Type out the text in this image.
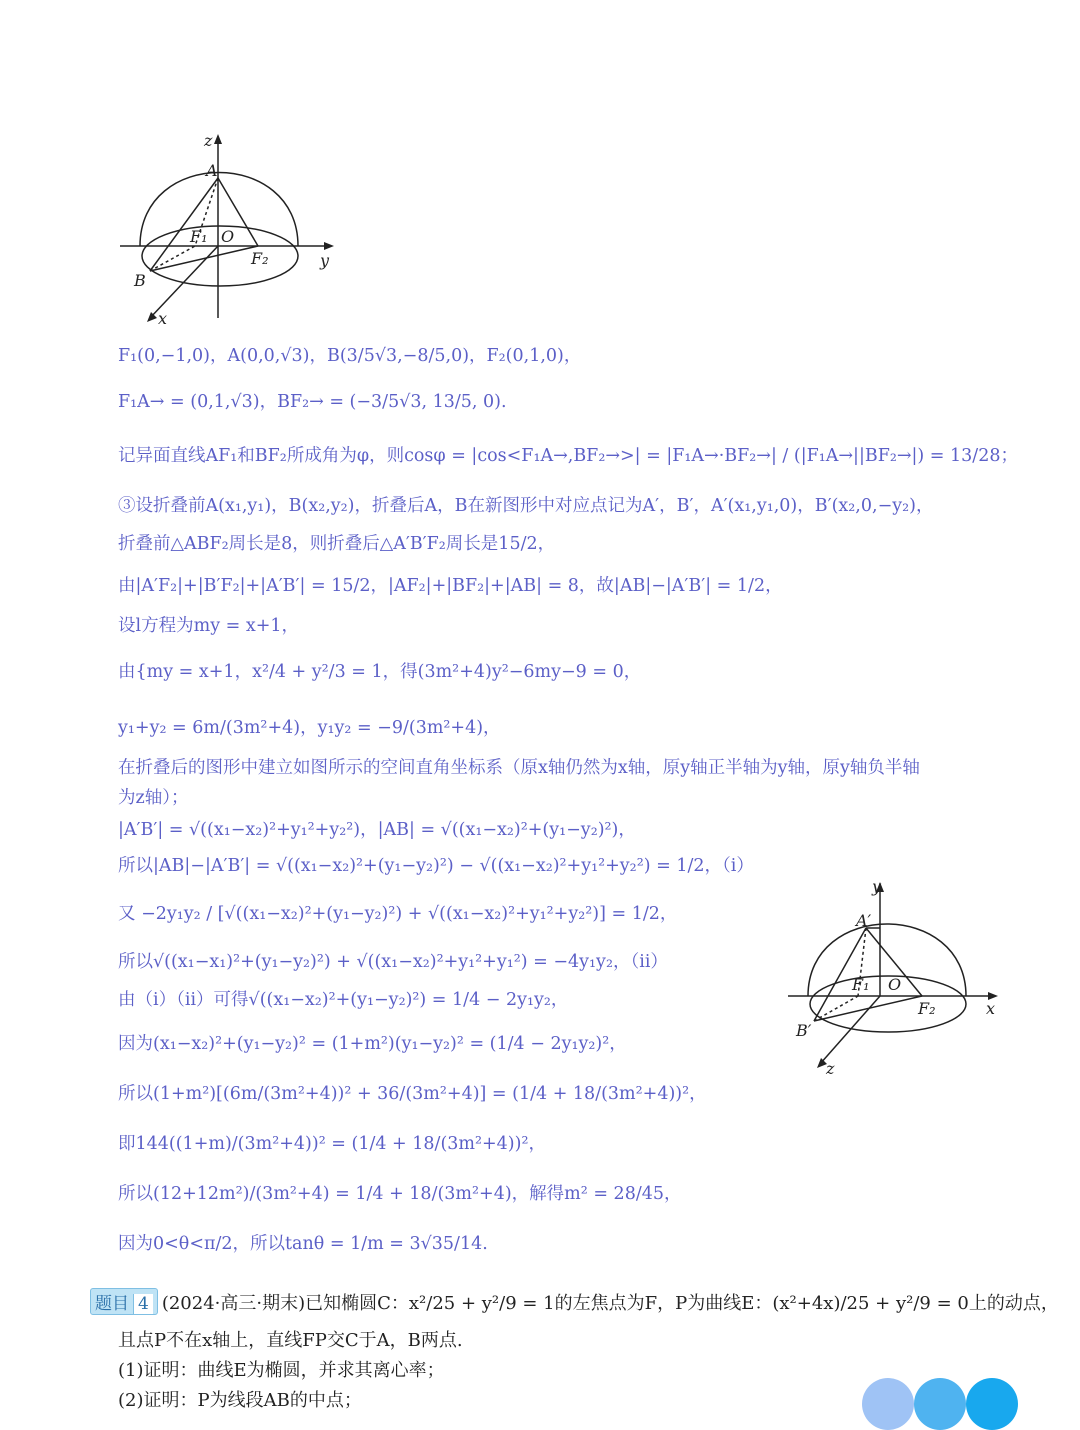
z
A
F₁ O
F₂	y
B
x
y
A′
F₁ O
F₂	x
B′
z
F₁(0,−1,0)，A(0,0,√3)，B(3/5√3,−8/5,0)，F₂(0,1,0)，
F₁A→ = (0,1,√3)，BF₂→ = (−3/5√3, 13/5, 0).
记异面直线AF₁和BF₂所成角为φ，则cosφ = |cos<F₁A→,BF₂→>| = |F₁A→·BF₂→| / (|F₁A→||BF₂→|) = 13/28；
③设折叠前A(x₁,y₁)，B(x₂,y₂)，折叠后A，B在新图形中对应点记为A′，B′，A′(x₁,y₁,0)，B′(x₂,0,−y₂)，
折叠前△ABF₂周长是8，则折叠后△A′B′F₂周长是15/2，
由|A′F₂|+|B′F₂|+|A′B′| = 15/2，|AF₂|+|BF₂|+|AB| = 8，故|AB|−|A′B′| = 1/2，
设l方程为my = x+1，
由{my = x+1，x²/4 + y²/3 = 1，得(3m²+4)y²−6my−9 = 0，
y₁+y₂ = 6m/(3m²+4)，y₁y₂ = −9/(3m²+4)，
在折叠后的图形中建立如图所示的空间直角坐标系（原x轴仍然为x轴，原y轴正半轴为y轴，原y轴负半轴
为z轴）；
|A′B′| = √((x₁−x₂)²+y₁²+y₂²)，|AB| = √((x₁−x₂)²+(y₁−y₂)²)，
所以|AB|−|A′B′| = √((x₁−x₂)²+(y₁−y₂)²) − √((x₁−x₂)²+y₁²+y₂²) = 1/2，（ⅰ）
又 −2y₁y₂ / [√((x₁−x₂)²+(y₁−y₂)²) + √((x₁−x₂)²+y₁²+y₂²)] = 1/2，
所以√((x₁−x₁)²+(y₁−y₂)²) + √((x₁−x₂)²+y₁²+y₁²) = −4y₁y₂，（ⅱ）
由（ⅰ）（ⅱ）可得√((x₁−x₂)²+(y₁−y₂)²) = 1/4 − 2y₁y₂，
因为(x₁−x₂)²+(y₁−y₂)² = (1+m²)(y₁−y₂)² = (1/4 − 2y₁y₂)²，
所以(1+m²)[(6m/(3m²+4))² + 36/(3m²+4)] = (1/4 + 18/(3m²+4))²，
即144((1+m)/(3m²+4))² = (1/4 + 18/(3m²+4))²，
所以(12+12m²)/(3m²+4) = 1/4 + 18/(3m²+4)，解得m² = 28/45，
因为0<θ<π/2，所以tanθ = 1/m = 3√35/14.
题目 4 (2024·高三·期末)已知椭圆C：x²/25 + y²/9 = 1的左焦点为F，P为曲线E：(x²+4x)/25 + y²/9 = 0上的动点，
且点P不在x轴上，直线FP交C于A，B两点.
(1)证明：曲线E为椭圆，并求其离心率；
(2)证明：P为线段AB的中点；
